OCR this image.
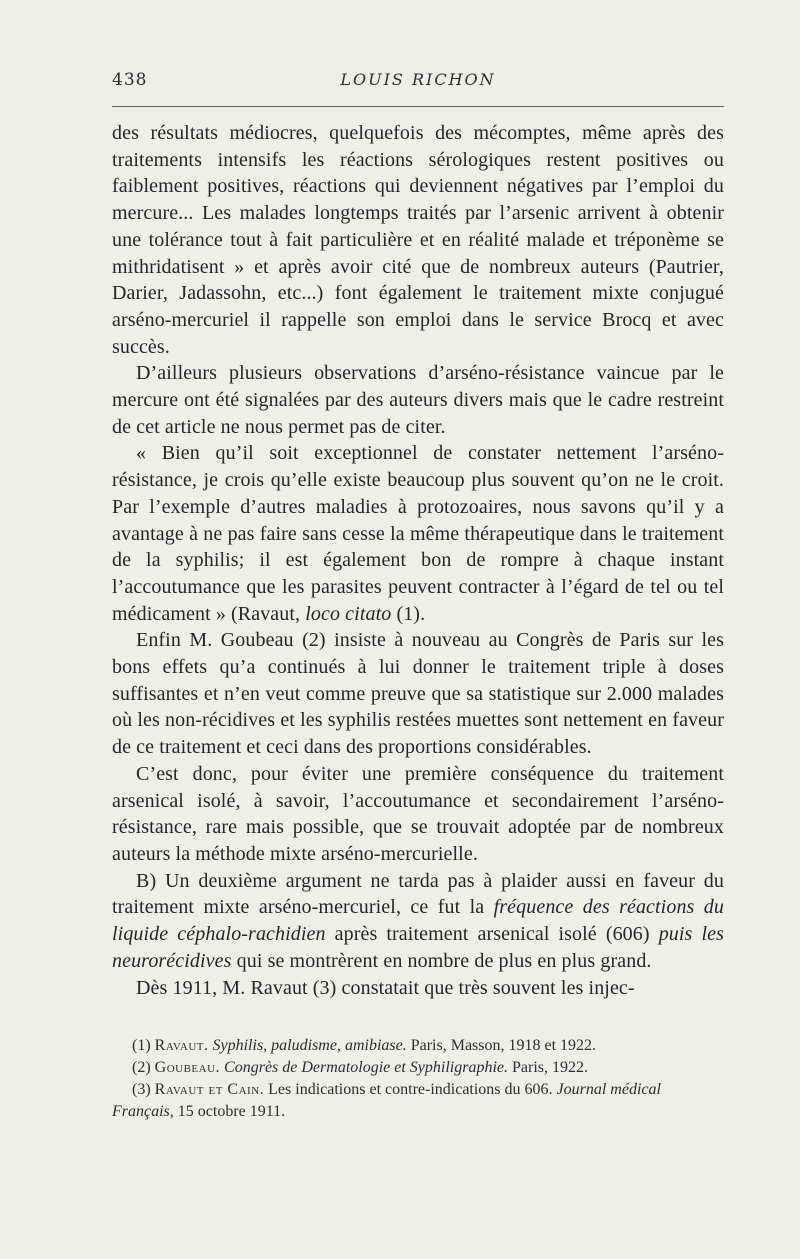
438	LOUIS RICHON

des résultats médiocres, quelquefois des mécomptes, même après des traitements intensifs les réactions sérologiques restent positives ou faiblement positives, réactions qui deviennent négatives par l’emploi du mercure... Les malades longtemps traités par l’arsenic arrivent à obtenir une tolérance tout à fait particulière et en réalité malade et tréponème se mithridatisent » et après avoir cité que de nombreux auteurs (Pautrier, Darier, Jadassohn, etc...) font également le traitement mixte conjugué arséno-mercuriel il rappelle son emploi dans le service Brocq et avec succès.

D’ailleurs plusieurs observations d’arséno-résistance vaincue par le mercure ont été signalées par des auteurs divers mais que le cadre restreint de cet article ne nous permet pas de citer.

« Bien qu’il soit exceptionnel de constater nettement l’arséno-résistance, je crois qu’elle existe beaucoup plus souvent qu’on ne le croit. Par l’exemple d’autres maladies à protozoaires, nous savons qu’il y a avantage à ne pas faire sans cesse la même thérapeutique dans le traitement de la syphilis; il est également bon de rompre à chaque instant l’accoutumance que les parasites peuvent contracter à l’égard de tel ou tel médicament » (Ravaut, loco citato (1).

Enfin M. Goubeau (2) insiste à nouveau au Congrès de Paris sur les bons effets qu’a continués à lui donner le traitement triple à doses suffisantes et n’en veut comme preuve que sa statistique sur 2.000 malades où les non-récidives et les syphilis restées muettes sont nettement en faveur de ce traitement et ceci dans des proportions considérables.

C’est donc, pour éviter une première conséquence du traitement arsenical isolé, à savoir, l’accoutumance et secondairement l’arséno-résistance, rare mais possible, que se trouvait adoptée par de nombreux auteurs la méthode mixte arséno-mercurielle.

B) Un deuxième argument ne tarda pas à plaider aussi en faveur du traitement mixte arséno-mercuriel, ce fut la fréquence des réactions du liquide céphalo-rachidien après traitement arsenical isolé (606) puis les neurorécidives qui se montrèrent en nombre de plus en plus grand.

Dès 1911, M. Ravaut (3) constatait que très souvent les injec-

(1) Ravaut. Syphilis, paludisme, amibiase. Paris, Masson, 1918 et 1922.

(2) Goubeau. Congrès de Dermatologie et Syphiligraphie. Paris, 1922.

(3) Ravaut et Cain. Les indications et contre-indications du 606. Journal médical Français, 15 octobre 1911.
